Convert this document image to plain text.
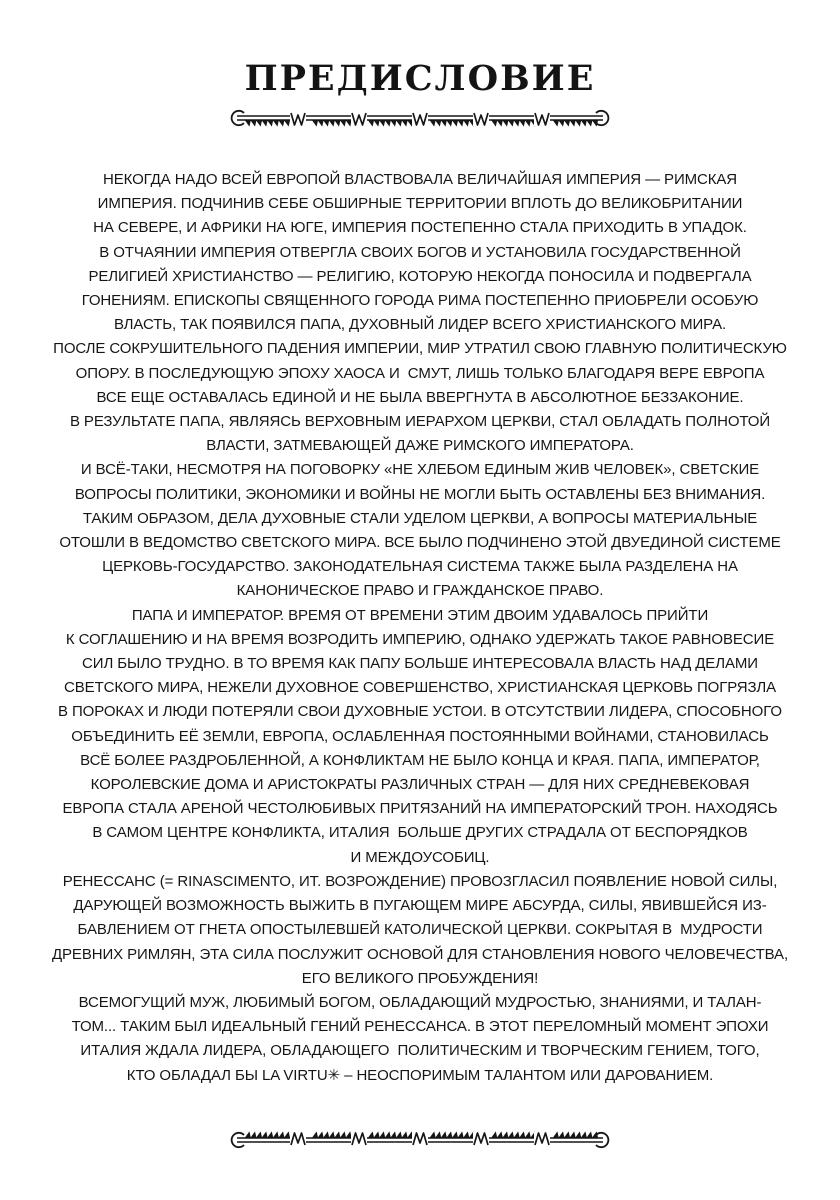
ПРЕДИСЛОВИЕ
НЕКОГДА НАДО ВСЕЙ ЕВРОПОЙ ВЛАСТВОВАЛА ВЕЛИЧАЙШАЯ ИМПЕРИЯ — РИМСКАЯ
ИМПЕРИЯ. ПОДЧИНИВ СЕБЕ ОБШИРНЫЕ ТЕРРИТОРИИ ВПЛОТЬ ДО ВЕЛИКОБРИТАНИИ
НА СЕВЕРЕ, И АФРИКИ НА ЮГЕ, ИМПЕРИЯ ПОСТЕПЕННО СТАЛА ПРИХОДИТЬ В УПАДОК.
В ОТЧАЯНИИ ИМПЕРИЯ ОТВЕРГЛА СВОИХ БОГОВ И УСТАНОВИЛА ГОСУДАРСТВЕННОЙ
РЕЛИГИЕЙ ХРИСТИАНСТВО — РЕЛИГИЮ, КОТОРУЮ НЕКОГДА ПОНОСИЛА И ПОДВЕРГАЛА
ГОНЕНИЯМ. ЕПИСКОПЫ СВЯЩЕННОГО ГОРОДА РИМА ПОСТЕПЕННО ПРИОБРЕЛИ ОСОБУЮ
ВЛАСТЬ, ТАК ПОЯВИЛСЯ ПАПА, ДУХОВНЫЙ ЛИДЕР ВСЕГО ХРИСТИАНСКОГО МИРА.
ПОСЛЕ СОКРУШИТЕЛЬНОГО ПАДЕНИЯ ИМПЕРИИ, МИР УТРАТИЛ СВОЮ ГЛАВНУЮ ПОЛИТИЧЕСКУЮ
ОПОРУ. В ПОСЛЕДУЮЩУЮ ЭПОХУ ХАОСА И  СМУТ, ЛИШЬ ТОЛЬКО БЛАГОДАРЯ ВЕРЕ ЕВРОПА
ВСЕ ЕЩЕ ОСТАВАЛАСЬ ЕДИНОЙ И НЕ БЫЛА ВВЕРГНУТА В АБСОЛЮТНОЕ БЕЗЗАКОНИЕ.
В РЕЗУЛЬТАТЕ ПАПА, ЯВЛЯЯСЬ ВЕРХОВНЫМ ИЕРАРХОМ ЦЕРКВИ, СТАЛ ОБЛАДАТЬ ПОЛНОТОЙ
ВЛАСТИ, ЗАТМЕВАЮЩЕЙ ДАЖЕ РИМСКОГО ИМПЕРАТОРА.
И ВСЁ-ТАКИ, НЕСМОТРЯ НА ПОГОВОРКУ «НЕ ХЛЕБОМ ЕДИНЫМ ЖИВ ЧЕЛОВЕК», СВЕТСКИЕ
ВОПРОСЫ ПОЛИТИКИ, ЭКОНОМИКИ И ВОЙНЫ НЕ МОГЛИ БЫТЬ ОСТАВЛЕНЫ БЕЗ ВНИМАНИЯ.
ТАКИМ ОБРАЗОМ, ДЕЛА ДУХОВНЫЕ СТАЛИ УДЕЛОМ ЦЕРКВИ, А ВОПРОСЫ МАТЕРИАЛЬНЫЕ
ОТОШЛИ В ВЕДОМСТВО СВЕТСКОГО МИРА. ВСЕ БЫЛО ПОДЧИНЕНО ЭТОЙ ДВУЕДИНОЙ СИСТЕМЕ
ЦЕРКОВЬ-ГОСУДАРСТВО. ЗАКОНОДАТЕЛЬНАЯ СИСТЕМА ТАКЖЕ БЫЛА РАЗДЕЛЕНА НА
КАНОНИЧЕСКОЕ ПРАВО И ГРАЖДАНСКОЕ ПРАВО.
ПАПА И ИМПЕРАТОР. ВРЕМЯ ОТ ВРЕМЕНИ ЭТИМ ДВОИМ УДАВАЛОСЬ ПРИЙТИ
К СОГЛАШЕНИЮ И НА ВРЕМЯ ВОЗРОДИТЬ ИМПЕРИЮ, ОДНАКО УДЕРЖАТЬ ТАКОЕ РАВНОВЕСИЕ
СИЛ БЫЛО ТРУДНО. В ТО ВРЕМЯ КАК ПАПУ БОЛЬШЕ ИНТЕРЕСОВАЛА ВЛАСТЬ НАД ДЕЛАМИ
СВЕТСКОГО МИРА, НЕЖЕЛИ ДУХОВНОЕ СОВЕРШЕНСТВО, ХРИСТИАНСКАЯ ЦЕРКОВЬ ПОГРЯЗЛА
В ПОРОКАХ И ЛЮДИ ПОТЕРЯЛИ СВОИ ДУХОВНЫЕ УСТОИ. В ОТСУТСТВИИ ЛИДЕРА, СПОСОБНОГО
ОБЪЕДИНИТЬ ЕЁ ЗЕМЛИ, ЕВРОПА, ОСЛАБЛЕННАЯ ПОСТОЯННЫМИ ВОЙНАМИ, СТАНОВИЛАСЬ
ВСЁ БОЛЕЕ РАЗДРОБЛЕННОЙ, А КОНФЛИКТАМ НЕ БЫЛО КОНЦА И КРАЯ. ПАПА, ИМПЕРАТОР,
КОРОЛЕВСКИЕ ДОМА И АРИСТОКРАТЫ РАЗЛИЧНЫХ СТРАН — ДЛЯ НИХ СРЕДНЕВЕКОВАЯ
ЕВРОПА СТАЛА АРЕНОЙ ЧЕСТОЛЮБИВЫХ ПРИТЯЗАНИЙ НА ИМПЕРАТОРСКИЙ ТРОН. НАХОДЯСЬ
В САМОМ ЦЕНТРЕ КОНФЛИКТА, ИТАЛИЯ  БОЛЬШЕ ДРУГИХ СТРАДАЛА ОТ БЕСПОРЯДКОВ
И МЕЖДОУСОБИЦ.
РЕНЕССАНС (= RINASCIMENTO, ИТ. ВОЗРОЖДЕНИЕ) ПРОВОЗГЛАСИЛ ПОЯВЛЕНИЕ НОВОЙ СИЛЫ,
ДАРУЮЩЕЙ ВОЗМОЖНОСТЬ ВЫЖИТЬ В ПУГАЮЩЕМ МИРЕ АБСУРДА, СИЛЫ, ЯВИВШЕЙСЯ ИЗ-
БАВЛЕНИЕМ ОТ ГНЕТА ОПОСТЫЛЕВШЕЙ КАТОЛИЧЕСКОЙ ЦЕРКВИ. СОКРЫТАЯ В  МУДРОСТИ
ДРЕВНИХ РИМЛЯН, ЭТА СИЛА ПОСЛУЖИТ ОСНОВОЙ ДЛЯ СТАНОВЛЕНИЯ НОВОГО ЧЕЛОВЕЧЕСТВА,
ЕГО ВЕЛИКОГО ПРОБУЖДЕНИЯ!
ВСЕМОГУЩИЙ МУЖ, ЛЮБИМЫЙ БОГОМ, ОБЛАДАЮЩИЙ МУДРОСТЬЮ, ЗНАНИЯМИ, И ТАЛАН-
ТОМ... ТАКИМ БЫЛ ИДЕАЛЬНЫЙ ГЕНИЙ РЕНЕССАНСА. В ЭТОТ ПЕРЕЛОМНЫЙ МОМЕНТ ЭПОХИ
ИТАЛИЯ ЖДАЛА ЛИДЕРА, ОБЛАДАЮЩЕГО  ПОЛИТИЧЕСКИМ И ТВОРЧЕСКИМ ГЕНИЕМ, ТОГО,
КТО ОБЛАДАЛ БЫ LA VIRTU✳ – НЕОСПОРИМЫМ ТАЛАНТОМ ИЛИ ДАРОВАНИЕМ.
